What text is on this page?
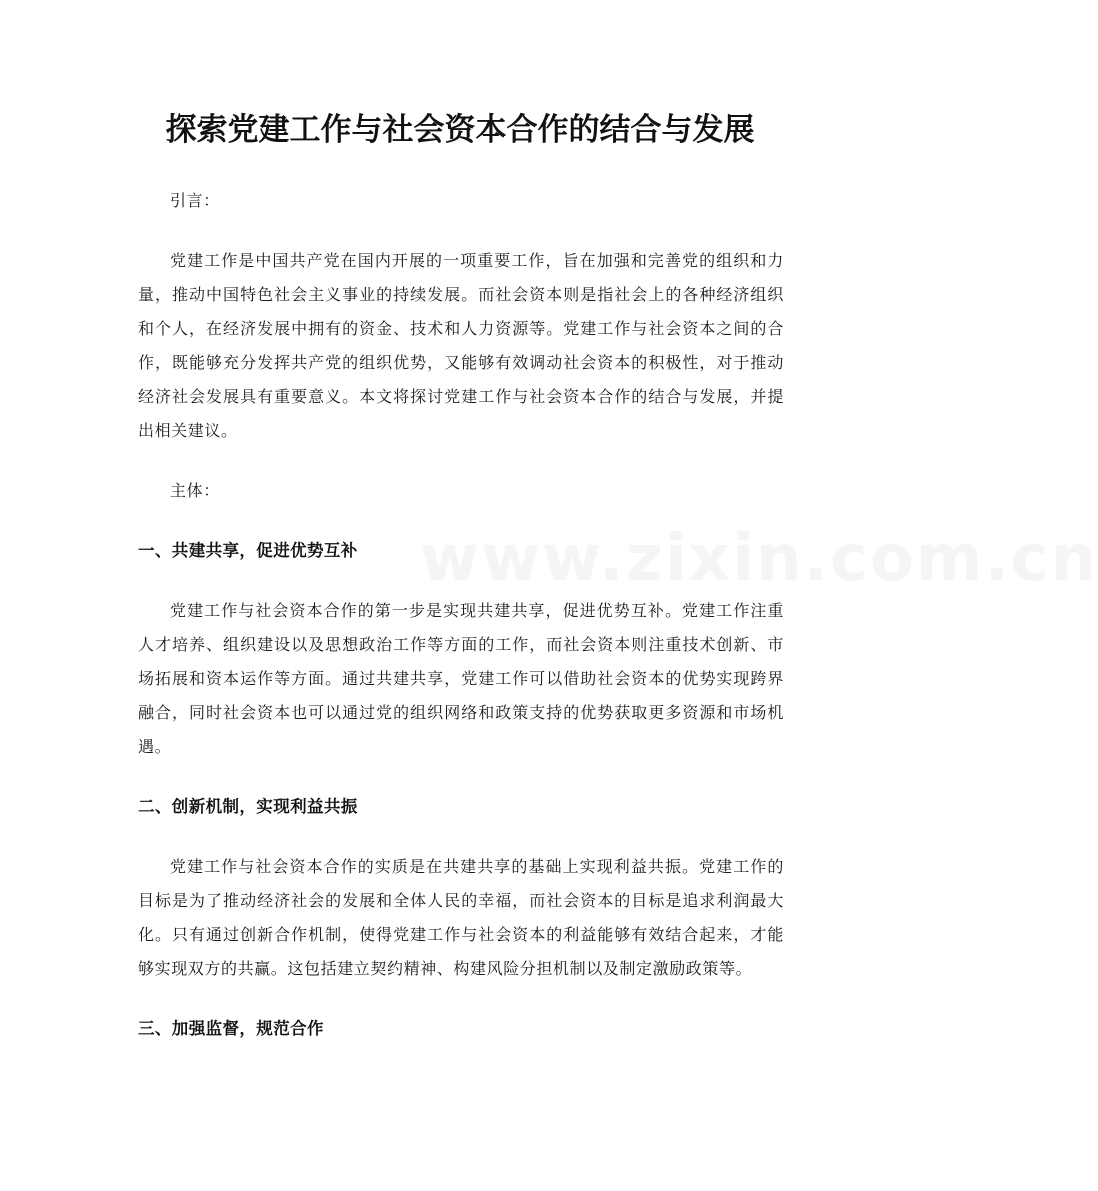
探索党建工作与社会资本合作的结合与发展
www.zixin.com.cn

引言：

党建工作是中国共产党在国内开展的一项重要工作，旨在加强和完善党的组织和力量，推动中国特色社会主义事业的持续发展。而社会资本则是指社会上的各种经济组织和个人，在经济发展中拥有的资金、技术和人力资源等。党建工作与社会资本之间的合作，既能够充分发挥共产党的组织优势，又能够有效调动社会资本的积极性，对于推动经济社会发展具有重要意义。本文将探讨党建工作与社会资本合作的结合与发展，并提出相关建议。

主体：

一、共建共享，促进优势互补

党建工作与社会资本合作的第一步是实现共建共享，促进优势互补。党建工作注重人才培养、组织建设以及思想政治工作等方面的工作，而社会资本则注重技术创新、市场拓展和资本运作等方面。通过共建共享，党建工作可以借助社会资本的优势实现跨界融合，同时社会资本也可以通过党的组织网络和政策支持的优势获取更多资源和市场机遇。

二、创新机制，实现利益共振

党建工作与社会资本合作的实质是在共建共享的基础上实现利益共振。党建工作的目标是为了推动经济社会的发展和全体人民的幸福，而社会资本的目标是追求利润最大化。只有通过创新合作机制，使得党建工作与社会资本的利益能够有效结合起来，才能够实现双方的共赢。这包括建立契约精神、构建风险分担机制以及制定激励政策等。

三、加强监督，规范合作
